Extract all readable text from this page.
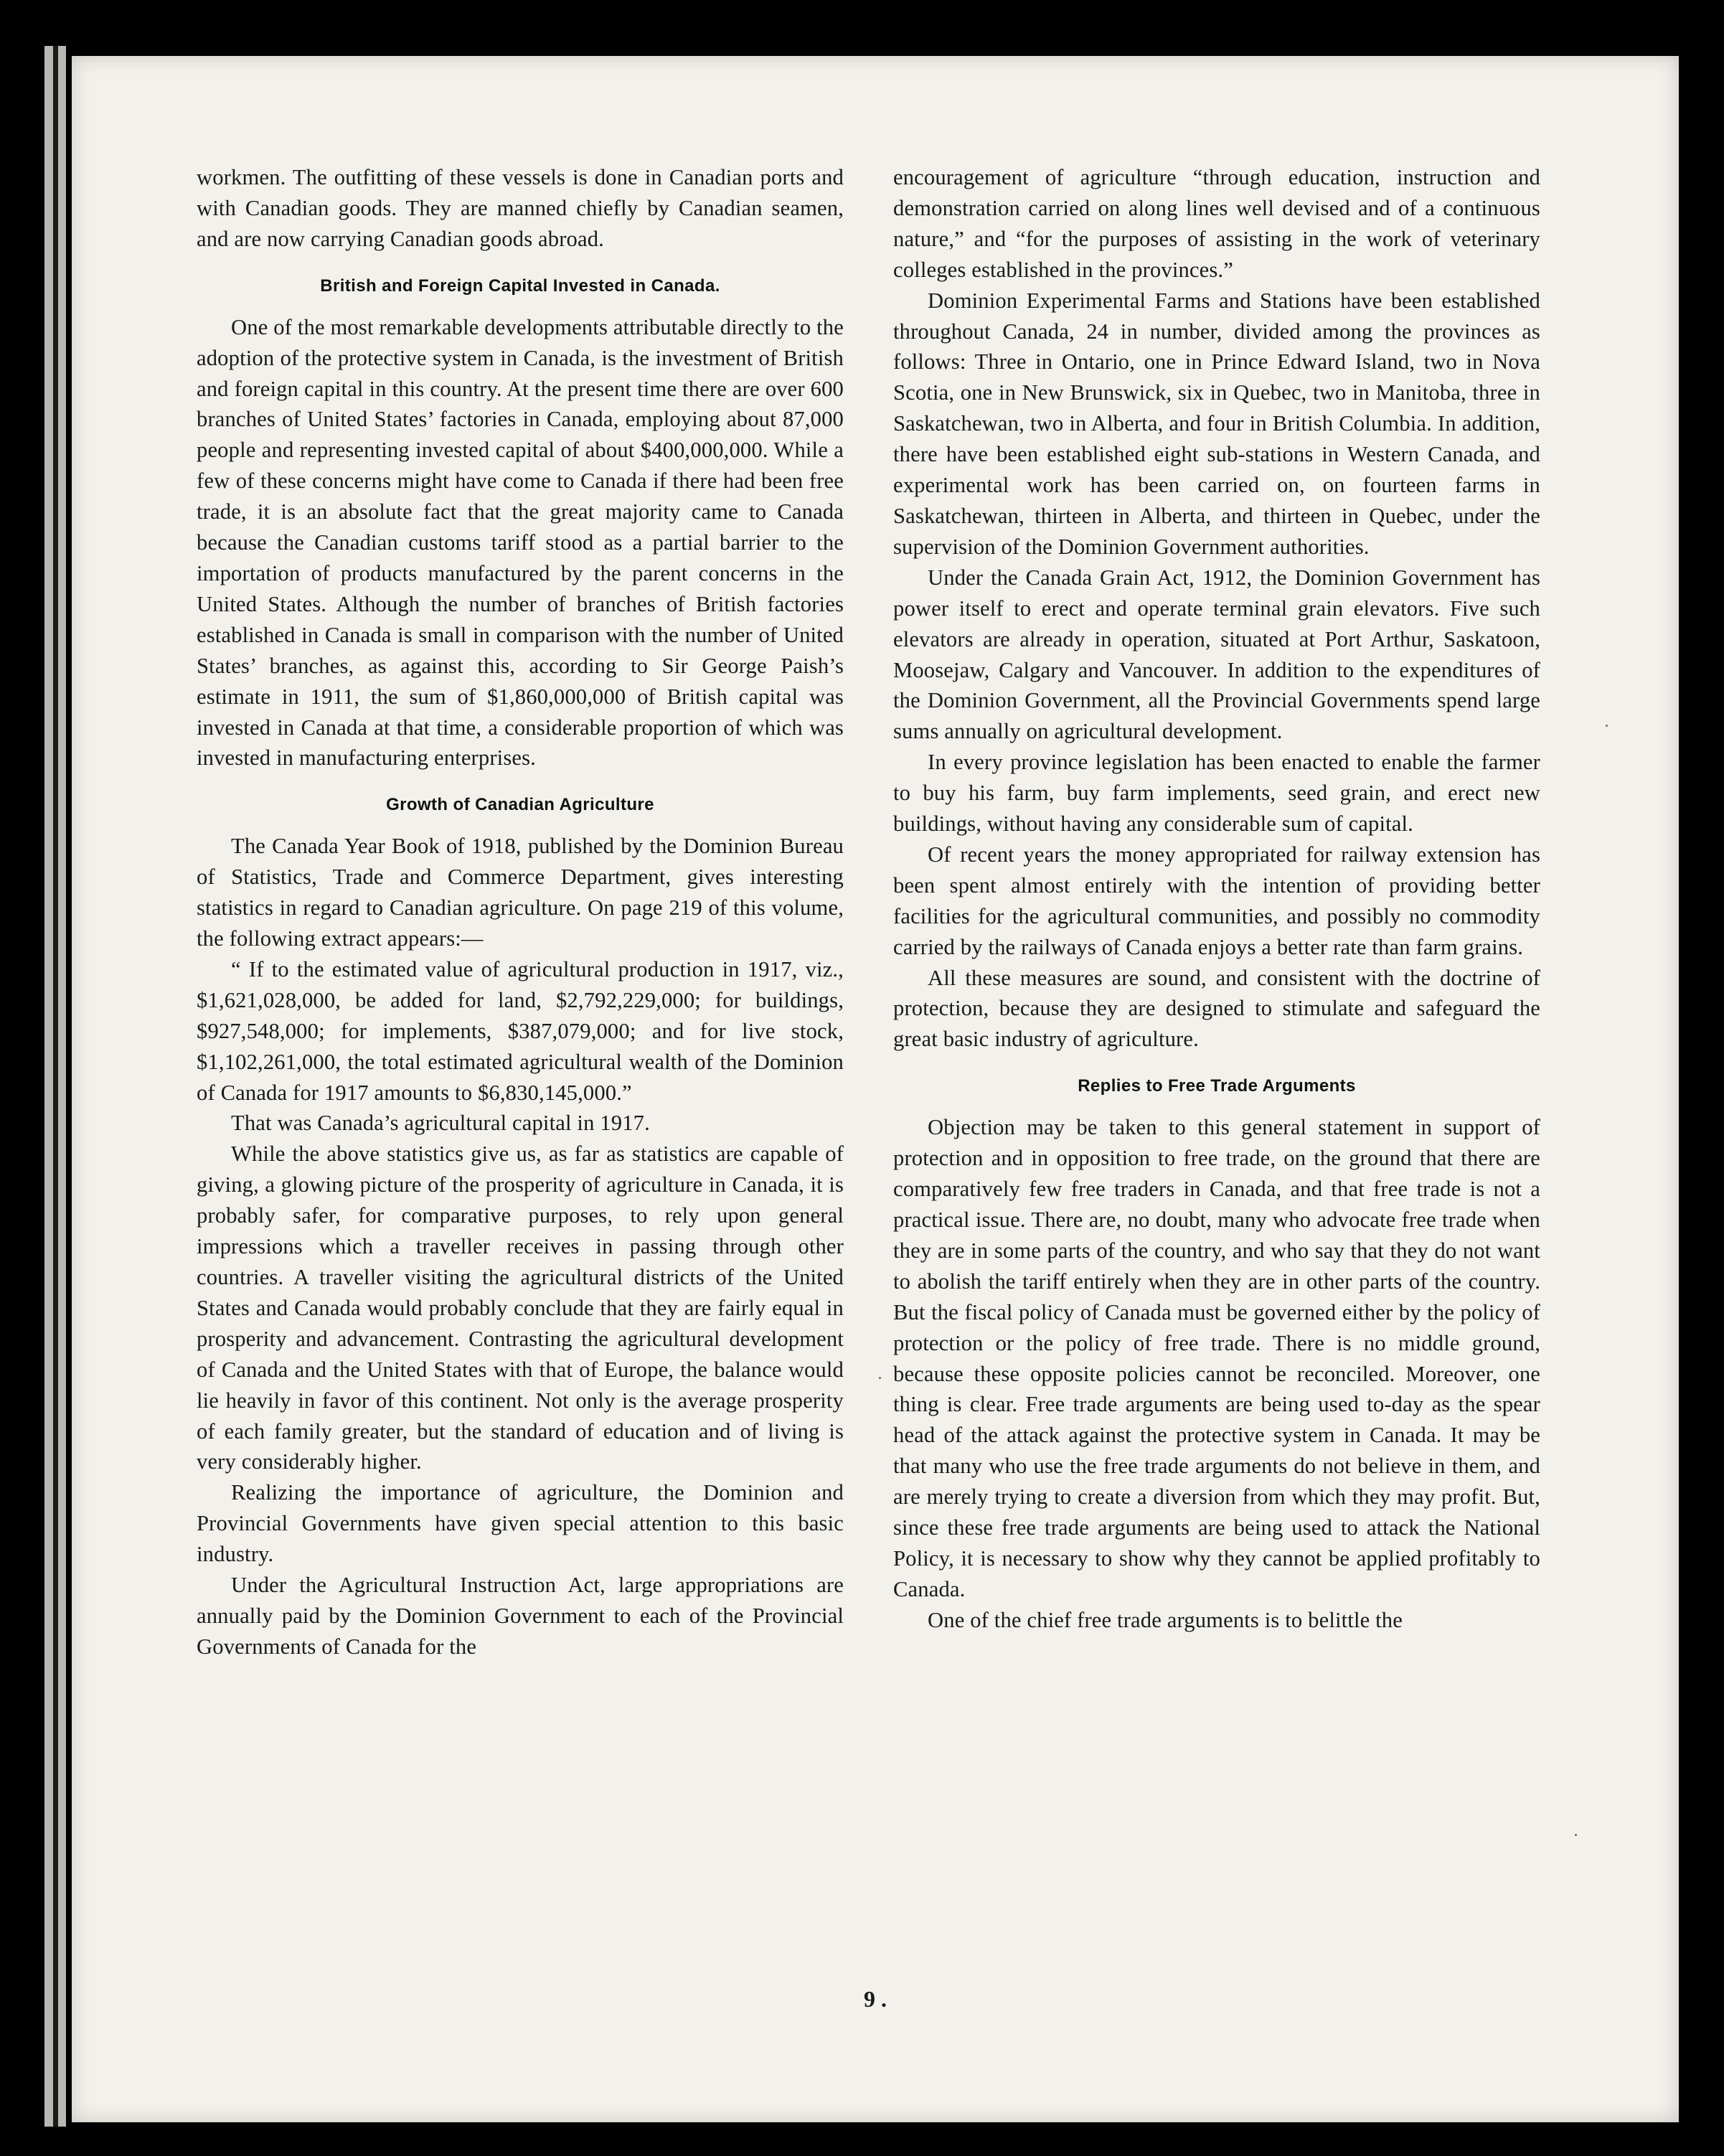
workmen. The outfitting of these vessels is done in Canadian ports and with Canadian goods. They are manned chiefly by Canadian seamen, and are now carrying Canadian goods abroad.

British and Foreign Capital Invested in Canada.

One of the most remarkable developments attributable directly to the adoption of the protective system in Canada, is the investment of British and foreign capital in this country. At the present time there are over 600 branches of United States’ factories in Canada, employing about 87,000 people and representing invested capital of about $400,000,000. While a few of these concerns might have come to Canada if there had been free trade, it is an absolute fact that the great majority came to Canada because the Canadian customs tariff stood as a partial barrier to the importation of products manufactured by the parent concerns in the United States. Although the number of branches of British factories established in Canada is small in comparison with the number of United States’ branches, as against this, according to Sir George Paish’s estimate in 1911, the sum of $1,860,000,000 of British capital was invested in Canada at that time, a considerable proportion of which was invested in manufacturing enterprises.

Growth of Canadian Agriculture

The Canada Year Book of 1918, published by the Dominion Bureau of Statistics, Trade and Commerce Department, gives interesting statistics in regard to Canadian agriculture. On page 219 of this volume, the following extract appears:—

“ If to the estimated value of agricultural production in 1917, viz., $1,621,028,000, be added for land, $2,792,229,000; for buildings, $927,548,000; for implements, $387,079,000; and for live stock, $1,102,261,000, the total estimated agricultural wealth of the Dominion of Canada for 1917 amounts to $6,830,145,000.”

That was Canada’s agricultural capital in 1917.

While the above statistics give us, as far as statistics are capable of giving, a glowing picture of the prosperity of agriculture in Canada, it is probably safer, for comparative purposes, to rely upon general impressions which a traveller receives in passing through other countries. A traveller visiting the agricultural districts of the United States and Canada would probably conclude that they are fairly equal in prosperity and advancement. Contrasting the agricultural development of Canada and the United States with that of Europe, the balance would lie heavily in favor of this continent. Not only is the average prosperity of each family greater, but the standard of education and of living is very considerably higher.

Realizing the importance of agriculture, the Dominion and Provincial Governments have given special attention to this basic industry.

Under the Agricultural Instruction Act, large appropriations are annually paid by the Dominion Government to each of the Provincial Governments of Canada for the

encouragement of agriculture “through education, instruction and demonstration carried on along lines well devised and of a continuous nature,” and “for the purposes of assisting in the work of veterinary colleges established in the provinces.”

Dominion Experimental Farms and Stations have been established throughout Canada, 24 in number, divided among the provinces as follows: Three in Ontario, one in Prince Edward Island, two in Nova Scotia, one in New Brunswick, six in Quebec, two in Manitoba, three in Saskatchewan, two in Alberta, and four in British Columbia. In addition, there have been established eight sub-stations in Western Canada, and experimental work has been carried on, on fourteen farms in Saskatchewan, thirteen in Alberta, and thirteen in Quebec, under the supervision of the Dominion Government authorities.

Under the Canada Grain Act, 1912, the Dominion Government has power itself to erect and operate terminal grain elevators. Five such elevators are already in operation, situated at Port Arthur, Saskatoon, Moosejaw, Calgary and Vancouver. In addition to the expenditures of the Dominion Government, all the Provincial Governments spend large sums annually on agricultural development.

In every province legislation has been enacted to enable the farmer to buy his farm, buy farm implements, seed grain, and erect new buildings, without having any considerable sum of capital.

Of recent years the money appropriated for railway extension has been spent almost entirely with the intention of providing better facilities for the agricultural communities, and possibly no commodity carried by the railways of Canada enjoys a better rate than farm grains.

All these measures are sound, and consistent with the doctrine of protection, because they are designed to stimulate and safeguard the great basic industry of agriculture.

Replies to Free Trade Arguments

Objection may be taken to this general statement in support of protection and in opposition to free trade, on the ground that there are comparatively few free traders in Canada, and that free trade is not a practical issue. There are, no doubt, many who advocate free trade when they are in some parts of the country, and who say that they do not want to abolish the tariff entirely when they are in other parts of the country. But the fiscal policy of Canada must be governed either by the policy of protection or the policy of free trade. There is no middle ground, because these opposite policies cannot be reconciled. Moreover, one thing is clear. Free trade arguments are being used to-day as the spear head of the attack against the protective system in Canada. It may be that many who use the free trade arguments do not believe in them, and are merely trying to create a diversion from which they may profit. But, since these free trade arguments are being used to attack the National Policy, it is necessary to show why they cannot be applied profitably to Canada.

One of the chief free trade arguments is to belittle the

9 .
